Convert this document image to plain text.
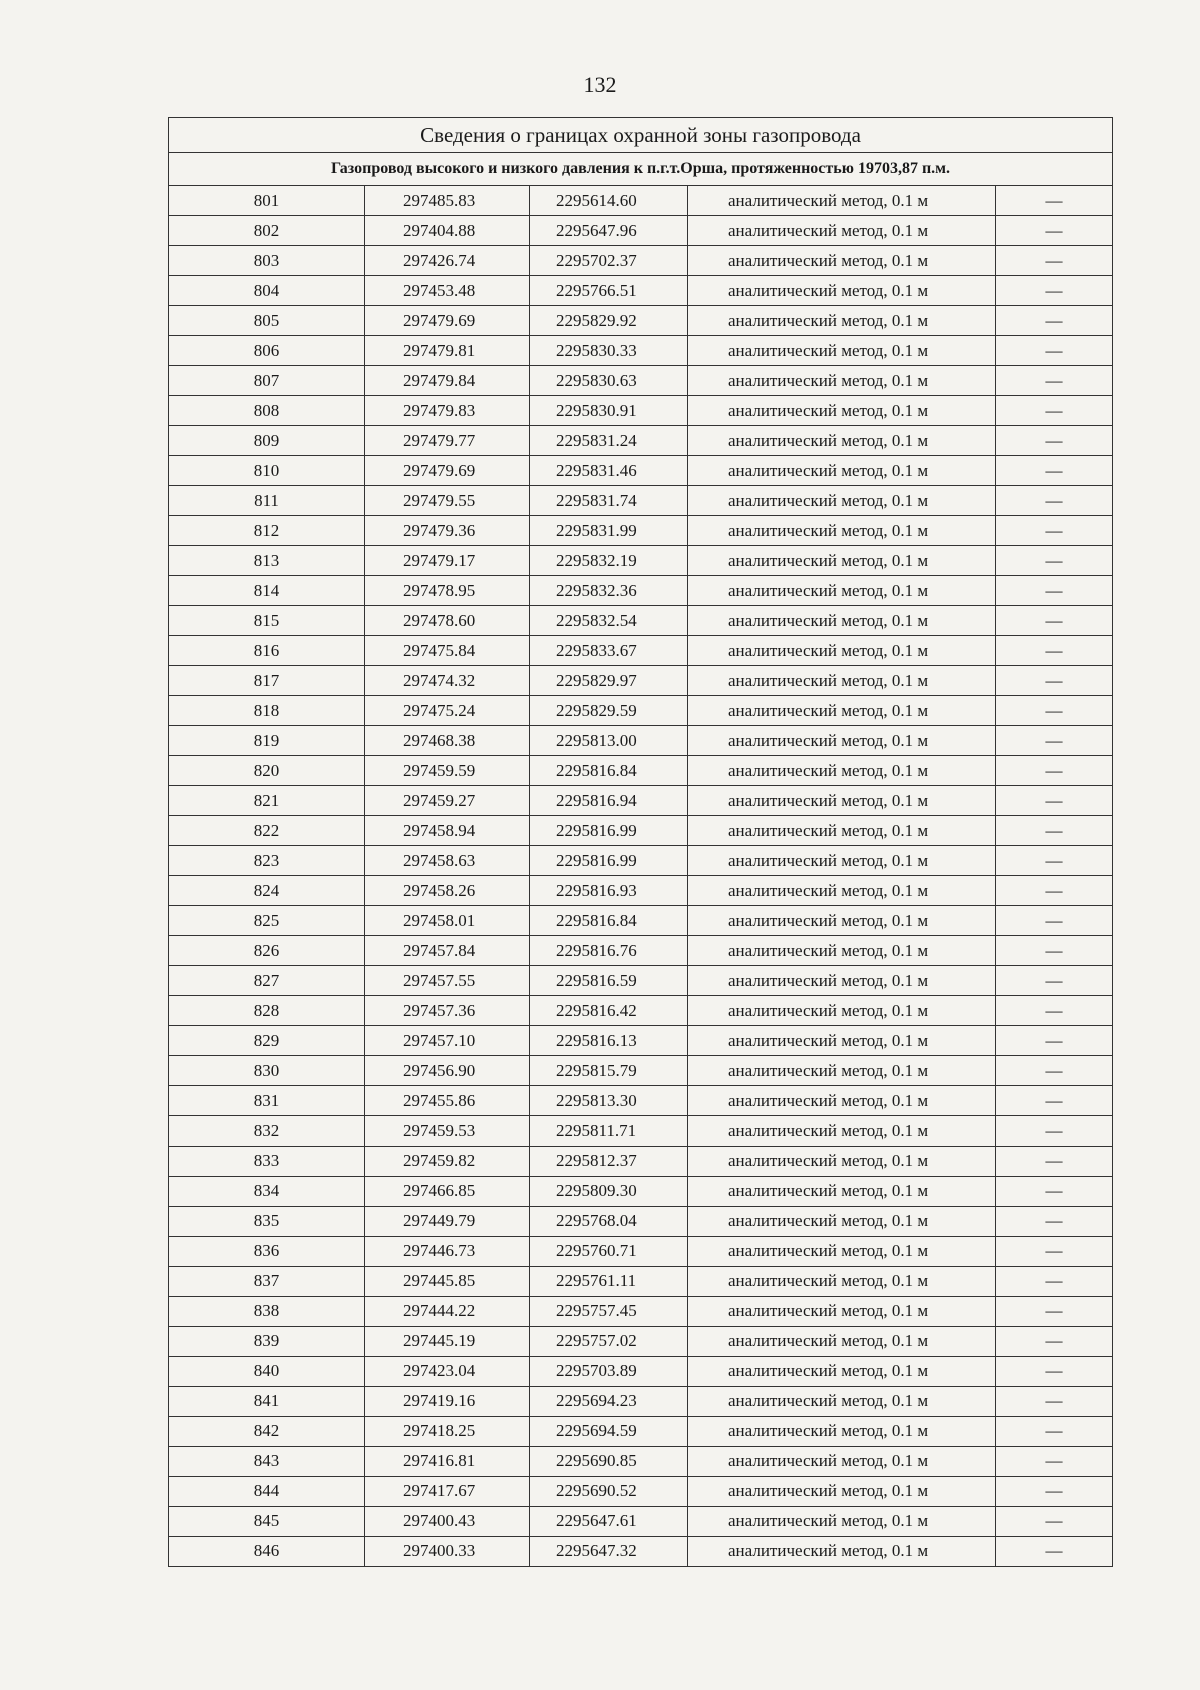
132
Сведения о границах охранной зоны газопровода				
Газопровод высокого и низкого давления к п.г.т.Орша, протяженностью 19703,87 п.м.				
801	297485.83	2295614.60	аналитический метод, 0.1 м	—
802	297404.88	2295647.96	аналитический метод, 0.1 м	—
803	297426.74	2295702.37	аналитический метод, 0.1 м	—
804	297453.48	2295766.51	аналитический метод, 0.1 м	—
805	297479.69	2295829.92	аналитический метод, 0.1 м	—
806	297479.81	2295830.33	аналитический метод, 0.1 м	—
807	297479.84	2295830.63	аналитический метод, 0.1 м	—
808	297479.83	2295830.91	аналитический метод, 0.1 м	—
809	297479.77	2295831.24	аналитический метод, 0.1 м	—
810	297479.69	2295831.46	аналитический метод, 0.1 м	—
811	297479.55	2295831.74	аналитический метод, 0.1 м	—
812	297479.36	2295831.99	аналитический метод, 0.1 м	—
813	297479.17	2295832.19	аналитический метод, 0.1 м	—
814	297478.95	2295832.36	аналитический метод, 0.1 м	—
815	297478.60	2295832.54	аналитический метод, 0.1 м	—
816	297475.84	2295833.67	аналитический метод, 0.1 м	—
817	297474.32	2295829.97	аналитический метод, 0.1 м	—
818	297475.24	2295829.59	аналитический метод, 0.1 м	—
819	297468.38	2295813.00	аналитический метод, 0.1 м	—
820	297459.59	2295816.84	аналитический метод, 0.1 м	—
821	297459.27	2295816.94	аналитический метод, 0.1 м	—
822	297458.94	2295816.99	аналитический метод, 0.1 м	—
823	297458.63	2295816.99	аналитический метод, 0.1 м	—
824	297458.26	2295816.93	аналитический метод, 0.1 м	—
825	297458.01	2295816.84	аналитический метод, 0.1 м	—
826	297457.84	2295816.76	аналитический метод, 0.1 м	—
827	297457.55	2295816.59	аналитический метод, 0.1 м	—
828	297457.36	2295816.42	аналитический метод, 0.1 м	—
829	297457.10	2295816.13	аналитический метод, 0.1 м	—
830	297456.90	2295815.79	аналитический метод, 0.1 м	—
831	297455.86	2295813.30	аналитический метод, 0.1 м	—
832	297459.53	2295811.71	аналитический метод, 0.1 м	—
833	297459.82	2295812.37	аналитический метод, 0.1 м	—
834	297466.85	2295809.30	аналитический метод, 0.1 м	—
835	297449.79	2295768.04	аналитический метод, 0.1 м	—
836	297446.73	2295760.71	аналитический метод, 0.1 м	—
837	297445.85	2295761.11	аналитический метод, 0.1 м	—
838	297444.22	2295757.45	аналитический метод, 0.1 м	—
839	297445.19	2295757.02	аналитический метод, 0.1 м	—
840	297423.04	2295703.89	аналитический метод, 0.1 м	—
841	297419.16	2295694.23	аналитический метод, 0.1 м	—
842	297418.25	2295694.59	аналитический метод, 0.1 м	—
843	297416.81	2295690.85	аналитический метод, 0.1 м	—
844	297417.67	2295690.52	аналитический метод, 0.1 м	—
845	297400.43	2295647.61	аналитический метод, 0.1 м	—
846	297400.33	2295647.32	аналитический метод, 0.1 м	—
